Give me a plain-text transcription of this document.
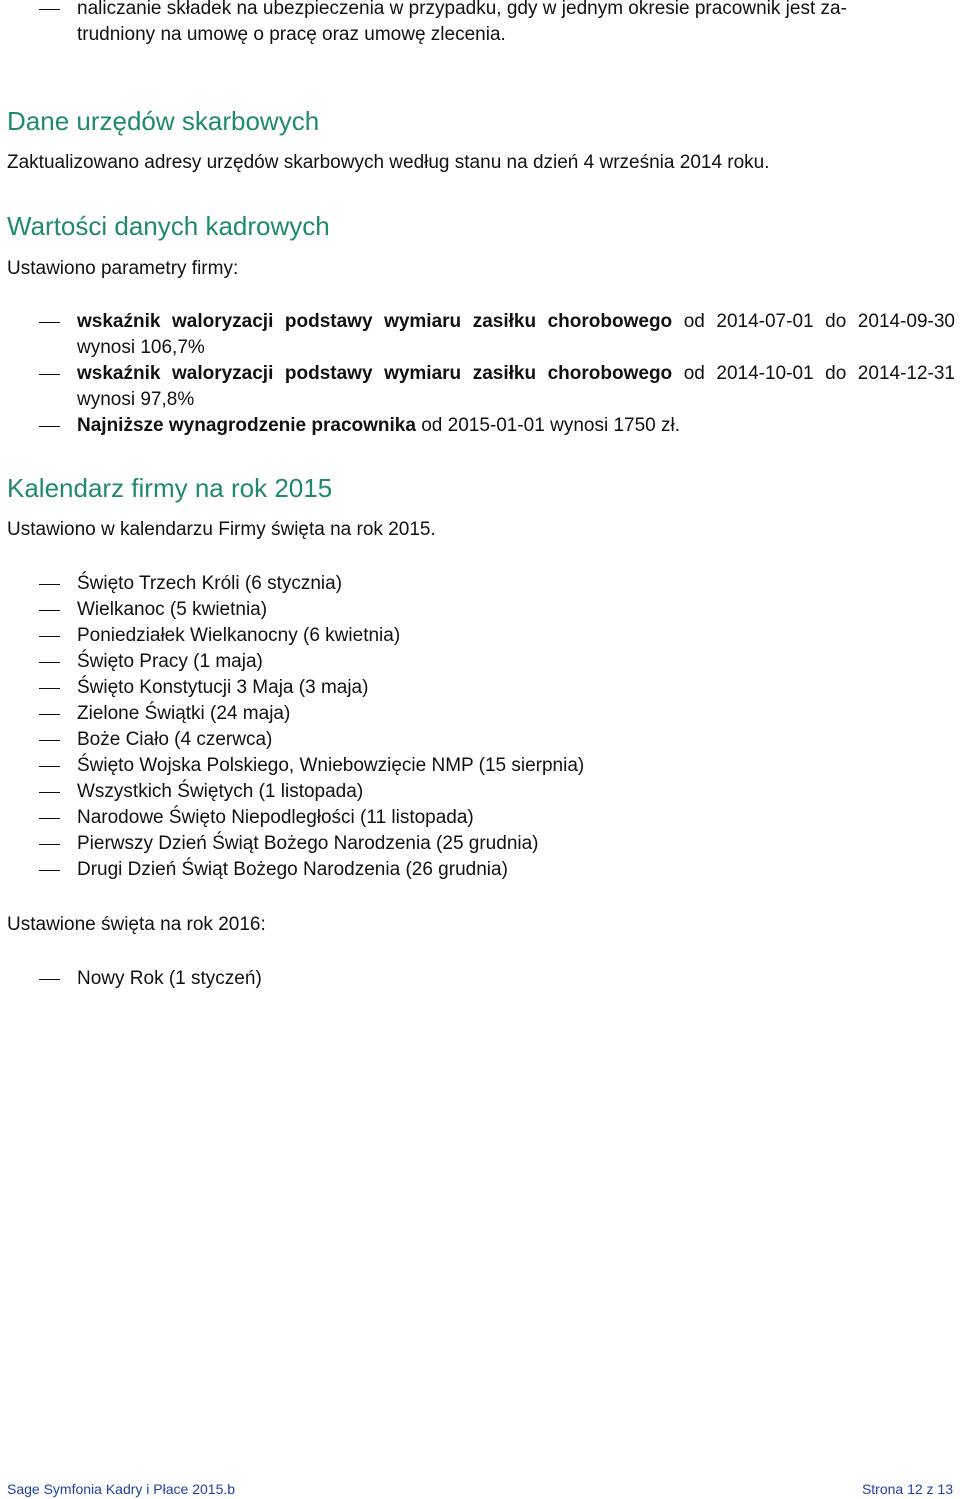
naliczanie składek na ubezpieczenia w przypadku, gdy w jednym okresie pracownik jest za-
trudniony na umowę o pracę oraz umowę zlecenia.
Dane urzędów skarbowych

Zaktualizowano adresy urzędów skarbowych według stanu na dzień 4 września 2014 roku.

Wartości danych kadrowych

Ustawiono parametry firmy:

wskaźnik waloryzacji podstawy wymiaru zasiłku chorobowego od 2014-07-01 do 2014-09-30 wynosi 106,7%
wskaźnik waloryzacji podstawy wymiaru zasiłku chorobowego od 2014-10-01 do 2014-12-31 wynosi 97,8%
Najniższe wynagrodzenie pracownika od 2015-01-01 wynosi 1750 zł.
Kalendarz firmy na rok 2015

Ustawiono w kalendarzu Firmy święta na rok 2015.

Święto Trzech Króli (6 stycznia)
Wielkanoc (5 kwietnia)
Poniedziałek Wielkanocny (6 kwietnia)
Święto Pracy (1 maja)
Święto Konstytucji 3 Maja (3 maja)
Zielone Świątki (24 maja)
Boże Ciało (4 czerwca)
Święto Wojska Polskiego, Wniebowzięcie NMP (15 sierpnia)
Wszystkich Świętych (1 listopada)
Narodowe Święto Niepodległości (11 listopada)
Pierwszy Dzień Świąt Bożego Narodzenia (25 grudnia)
Drugi Dzień Świąt Bożego Narodzenia (26 grudnia)

Ustawione święta na rok 2016:

Nowy Rok (1 styczeń)
Sage Symfonia Kadry i Płace 2015.b	Strona 12 z 13
